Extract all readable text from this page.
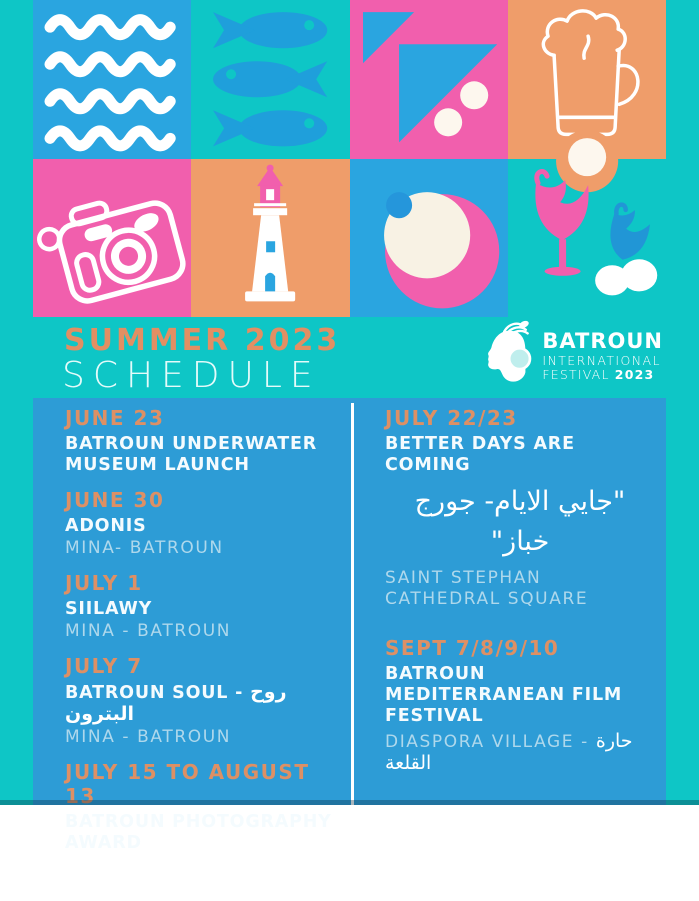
SUMMER 2023
SCHEDULE
BATROUN
INTERNATIONAL
FESTIVAL 2023
JUNE 23
BATROUN UNDERWATER MUSEUM LAUNCH
JUNE 30
ADONIS
MINA- BATROUN
JULY 1
SIILAWY
MINA - BATROUN
JULY 7
BATROUN SOUL - روح البترون
MINA - BATROUN
JULY 15 TO AUGUST 13
BATROUN PHOTOGRAPHY AWARD
JULY 22/23
BETTER DAYS ARE COMING
"جايي الايام- جورج خباز"
SAINT STEPHAN CATHEDRAL SQUARE
SEPT 7/8/9/10
BATROUN MEDITERRANEAN FILM FESTIVAL
DIASPORA VILLAGE - حارة القلعة
FOR MORE INFO: 03 105 700
@batrounfestival
